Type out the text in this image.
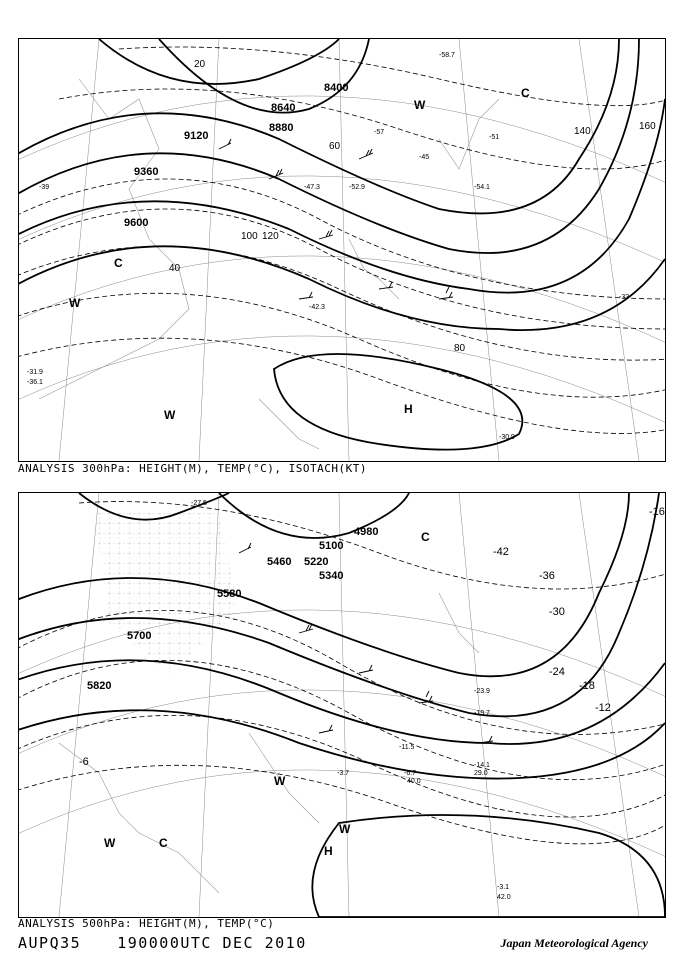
8400
8640
8880
9120
9360
9600
20
40
60
80
100 120
140	160
-39
-45
-51
-57
-33
-36.1
-47.3	-54.1
-52.9
-58.7
-42.3
-31.9
-30.9
H
C
C
W
W
W
ANALYSIS 300hPa: HEIGHT(M), TEMP(°C), ISOTACH(KT)
4980
5100
5220
5340
5460
5580
5700
5820
-42
-36
-30
-24
-18
-12
-6
-16
-27.5
-23.9
-19.7
-14.1
-11.5
-6.7
-3.7
-3.1
42.0
29.0
40.0
H
C
C
W
W
W
ANALYSIS 500hPa: HEIGHT(M), TEMP(°C)
AUPQ35 190000UTC DEC 2010	Japan Meteorological Agency
